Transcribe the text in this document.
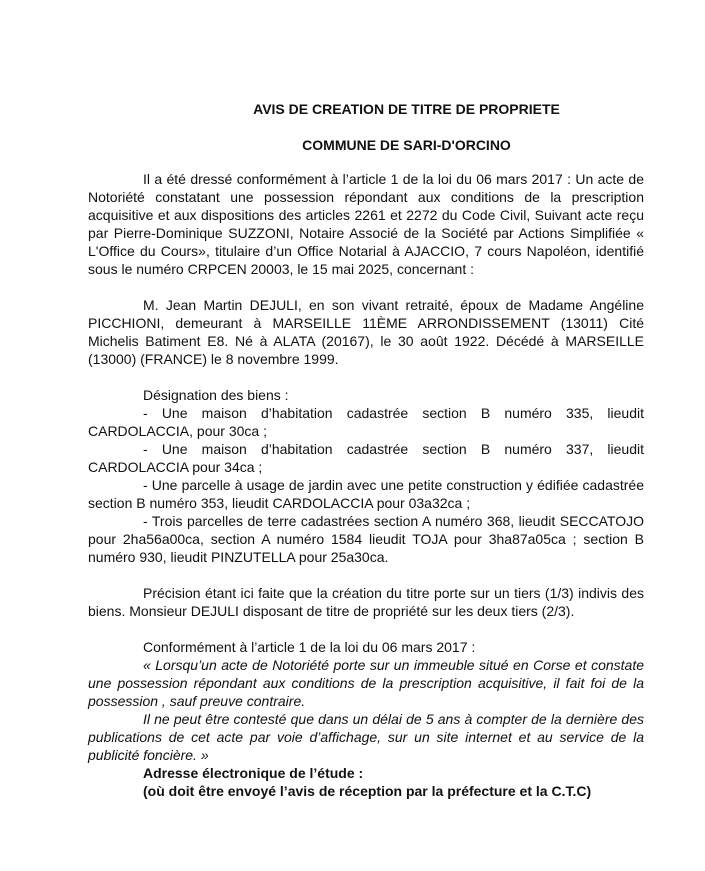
AVIS DE CREATION DE TITRE DE PROPRIETE
COMMUNE DE SARI-D'ORCINO

Il a été dressé conformément à l’article 1 de la loi du 06 mars 2017 : Un acte de Notoriété constatant une possession répondant aux conditions de la prescription acquisitive et aux dispositions des articles 2261 et 2272 du Code Civil, Suivant acte reçu par Pierre-Dominique SUZZONI, Notaire Associé de la Société par Actions Simplifiée « L'Office du Cours», titulaire d’un Office Notarial à AJACCIO, 7 cours Napoléon, identifié sous le numéro CRPCEN 20003, le 15 mai 2025, concernant :

M. Jean Martin DEJULI, en son vivant retraité, époux de Madame Angéline PICCHIONI, demeurant à MARSEILLE 11ÈME ARRONDISSEMENT (13011) Cité Michelis Batiment E8. Né à ALATA (20167), le 30 août 1922. Décédé à MARSEILLE (13000) (FRANCE) le 8 novembre 1999.

Désignation des biens :

- Une maison d’habitation cadastrée section B numéro 335, lieudit CARDOLACCIA, pour 30ca ;

- Une maison d’habitation cadastrée section B numéro 337, lieudit CARDOLACCIA pour 34ca ;

- Une parcelle à usage de jardin avec une petite construction y édifiée cadastrée section B numéro 353, lieudit CARDOLACCIA pour 03a32ca ;

- Trois parcelles de terre cadastrées section A numéro 368, lieudit SECCATOJO pour 2ha56a00ca, section A numéro 1584 lieudit TOJA pour 3ha87a05ca ; section B numéro 930, lieudit PINZUTELLA pour 25a30ca.

Précision étant ici faite que la création du titre porte sur un tiers (1/3) indivis des biens. Monsieur DEJULI disposant de titre de propriété sur les deux tiers (2/3).

Conformément à l’article 1 de la loi du 06 mars 2017 :

« Lorsqu’un acte de Notoriété porte sur un immeuble situé en Corse et constate une possession répondant aux conditions de la prescription acquisitive, il fait foi de la possession , sauf preuve contraire.

Il ne peut être contesté que dans un délai de 5 ans à compter de la dernière des publications de cet acte par voie d’affichage, sur un site internet et au service de la publicité foncière. »

Adresse électronique de l’étude :

(où doit être envoyé l’avis de réception par la préfecture et la C.T.C)
